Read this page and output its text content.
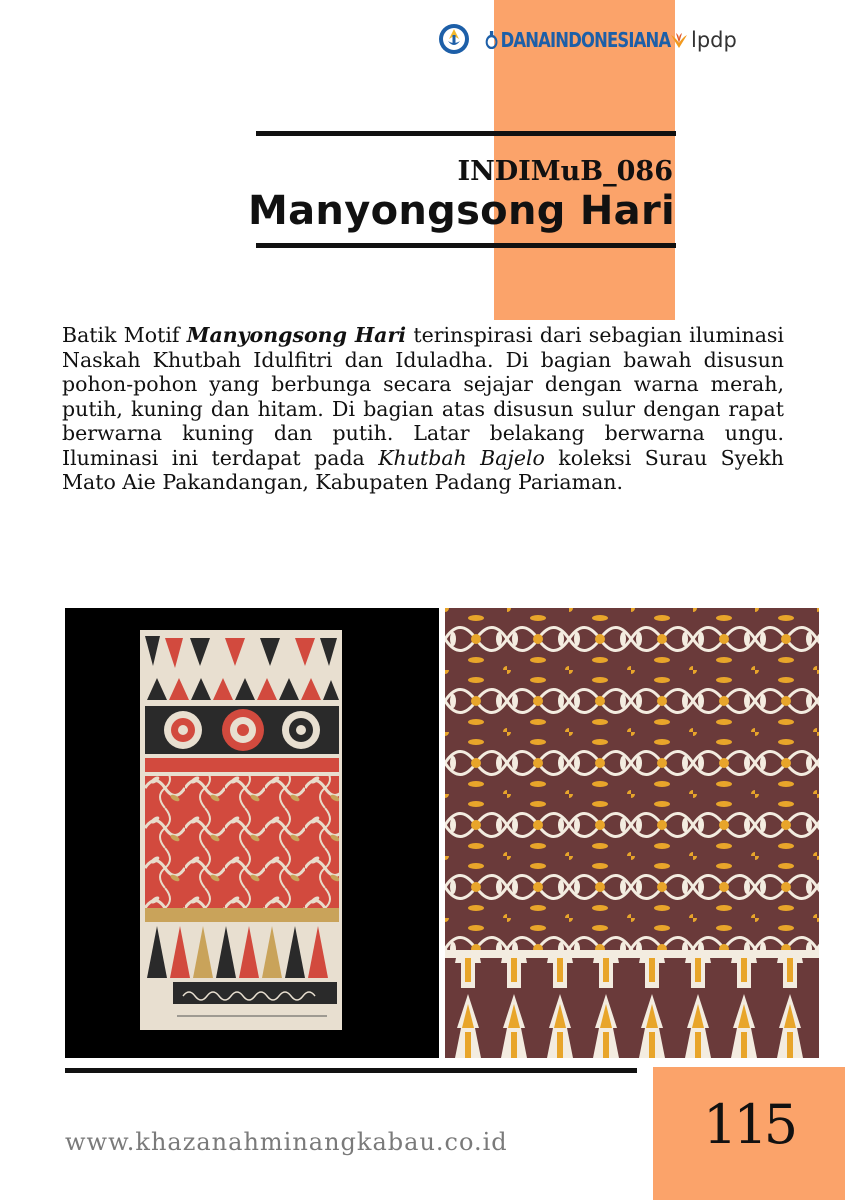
DANAINDONESIANA lpdp
INDIMuB_086
Manyongsong Hari
Batik Motif Manyongsong Hari terinspirasi dari sebagian iluminasi Naskah Khutbah Idulfitri dan Iduladha. Di bagian bawah disusun pohon-pohon yang berbunga secara sejajar dengan warna merah, putih, kuning dan hitam. Di bagian atas disusun sulur dengan rapat berwarna kuning dan putih. Latar belakang berwarna ungu. Iluminasi ini terdapat pada Khutbah Bajelo koleksi Surau Syekh Mato Aie Pakandangan, Kabupaten Padang Pariaman.
www.khazanahminangkabau.co.id	115
